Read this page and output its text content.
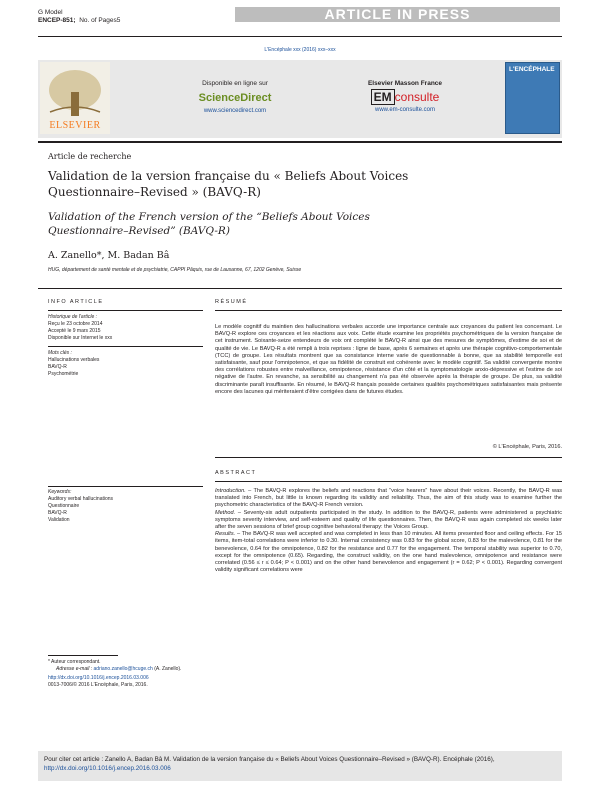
G Model
ENCEP-851; No. of Pages5	ARTICLE IN PRESS
L'Encéphale xxx (2016) xxx–xxx
ELSEVIER
Disponible en ligne sur
ScienceDirect
www.sciencedirect.com
Elsevier Masson France
EM consulte
www.em-consulte.com
L'ENCÉPHALE
Article de recherche
Validation de la version française du « Beliefs About Voices Questionnaire–Revised » (BAVQ-R)
Validation of the French version of the “Beliefs About Voices Questionnaire–Revised” (BAVQ-R)
A. Zanello*, M. Badan Bâ
HUG, département de santé mentale et de psychiatrie, CAPPI Pâquis, rue de Lausanne, 67, 1202 Genève, Suisse
INFO ARTICLE
Historique de l'article :
Reçu le 23 octobre 2014
Accepté le 9 mars 2015
Disponible sur Internet le xxx
Mots clés :
Hallucinations verbales
BAVQ-R
Psychométrie
Keywords:
Auditory verbal hallucinations
Questionnaire
BAVQ-R
Validation
RÉSUMÉ
Le modèle cognitif du maintien des hallucinations verbales accorde une importance centrale aux croyances du patient les concernant. Le BAVQ-R explore ces croyances et les réactions aux voix. Cette étude examine les propriétés psychométriques de la version française de cet instrument. Soixante-seize entendeurs de voix ont complété le BAVQ-R ainsi que des mesures de symptômes, d'estime de soi et de qualité de vie. Le BAVQ-R a été rempli à trois reprises : ligne de base, après 6 semaines et après une thérapie cognitivo-comportementale (TCC) de groupe. Les résultats montrent que sa consistance interne varie de questionnable à bonne, que sa stabilité temporelle est satisfaisante, sauf pour l'omnipotence, et que sa fidélité de construit est cohérente avec le modèle cognitif. Sa validité convergente montre des corrélations robustes entre malveillance, omnipotence, résistance d'un côté et la symptomatologie anxio-dépressive et l'estime de soi négative de l'autre. En revanche, sa sensibilité au changement n'a pas été observée après la thérapie de groupe. De plus, sa validité discriminante paraît insuffisante. En résumé, le BAVQ-R français possède certaines qualités psychométriques satisfaisantes mais présente encore des lacunes qui mériteraient d'être corrigées dans de futures études.
© L'Encéphale, Paris, 2016.
ABSTRACT

Introduction. – The BAVQ-R explores the beliefs and reactions that “voice hearers” have about their voices. Recently, the BAVQ-R was translated into French, but little is known regarding its validity and reliability. Thus, the aim of this study was to examine further the psychometric characteristics of the BAVQ-R French version.

Method. – Seventy-six adult outpatients participated in the study. In addition to the BAVQ-R, patients were administered a psychiatric symptoms severity interview, and self-esteem and quality of life questionnaires. Then, the BAVQ-R was again completed six weeks later after the seven sessions of brief group cognitive behavioral therapy: the Voices Group.

Results. – The BAVQ-R was well accepted and was completed in less than 10 minutes. All items presented floor and ceiling effects. For 15 items, item-total correlations were inferior to 0.30. Internal consistency was 0.83 for the global score, 0.83 for the malevolence, 0.81 for the benevolence, 0.64 for the omnipotence, 0.82 for the resistance and 0.77 for the engagement. The temporal stability was superior to 0.70, except for the omnipotence (0.65). Regarding, the construct validity, on the one hand malevolence, omnipotence and resistance were correlated (0.56 ≤ r ≤ 0.64; P < 0.001) and on the other hand benevolence and engagement (r = 0.62; P < 0.001). Regarding convergent validity significant correlations were

* Auteur correspondant.
Adresse e-mail : adriano.zanello@hcuge.ch (A. Zanello).
http://dx.doi.org/10.1016/j.encep.2016.03.006
0013-7006/© 2016 L'Encéphale, Paris, 2016.
Pour citer cet article : Zanello A, Badan Bâ M. Validation de la version française du « Beliefs About Voices Questionnaire–Revised » (BAVQ-R). Encéphale (2016), http://dx.doi.org/10.1016/j.encep.2016.03.006
